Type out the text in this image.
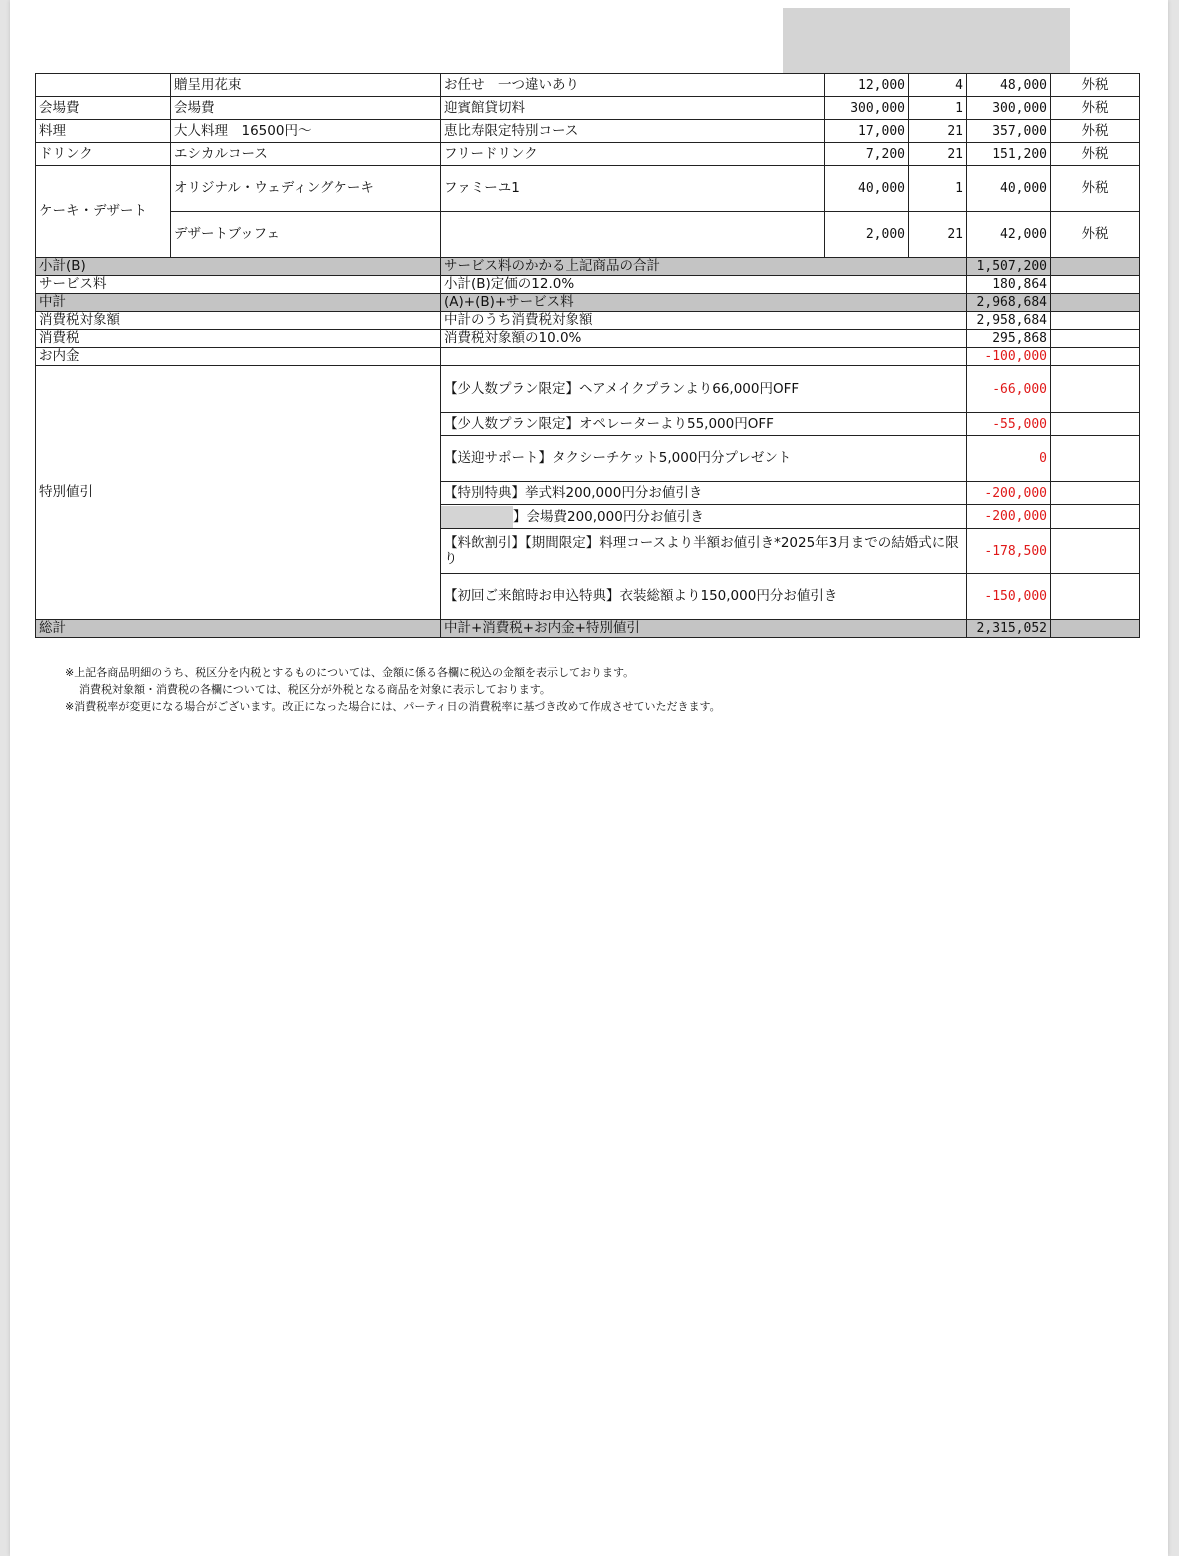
	贈呈用花束	お任せ　一つ違いあり	12,000	4	48,000	外税
会場費	会場費	迎賓館貸切料	300,000	1	300,000	外税
料理	大人料理　16500円～	恵比寿限定特別コース	17,000	21	357,000	外税
ドリンク	エシカルコース	フリードリンク	7,200	21	151,200	外税
ケーキ・デザート	オリジナル・ウェディングケーキ	ファミーユ1	40,000	1	40,000	外税
	デザートブッフェ		2,000	21	42,000	外税
小計(B)		サービス料のかかる上記商品の合計			1,507,200	
サービス料		小計(B)定価の12.0%			180,864	
中計		(A)+(B)+サービス料			2,968,684	
消費税対象額		中計のうち消費税対象額			2,958,684	
消費税		消費税対象額の10.0%			295,868	
お内金					-100,000	
特別値引		【少人数プラン限定】ヘアメイクプランより66,000円OFF			-66,000	
		【少人数プラン限定】オペレーターより55,000円OFF			-55,000	
		【送迎サポート】タクシーチケット5,000円分プレゼント			0	
		【特別特典】挙式料200,000円分お値引き			-200,000	
		】会場費200,000円分お値引き			-200,000	
		【料飲割引】【期間限定】料理コースより半額お値引き*2025年3月までの結婚式に限り			-178,500	
		【初回ご来館時お申込特典】衣装総額より150,000円分お値引き			-150,000	
総計		中計+消費税+お内金+特別値引			2,315,052	
※上記各商品明細のうち、税区分を内税とするものについては、金額に係る各欄に税込の金額を表示しております。
消費税対象額・消費税の各欄については、税区分が外税となる商品を対象に表示しております。
※消費税率が変更になる場合がございます。改正になった場合には、パーティ日の消費税率に基づき改めて作成させていただきます。
